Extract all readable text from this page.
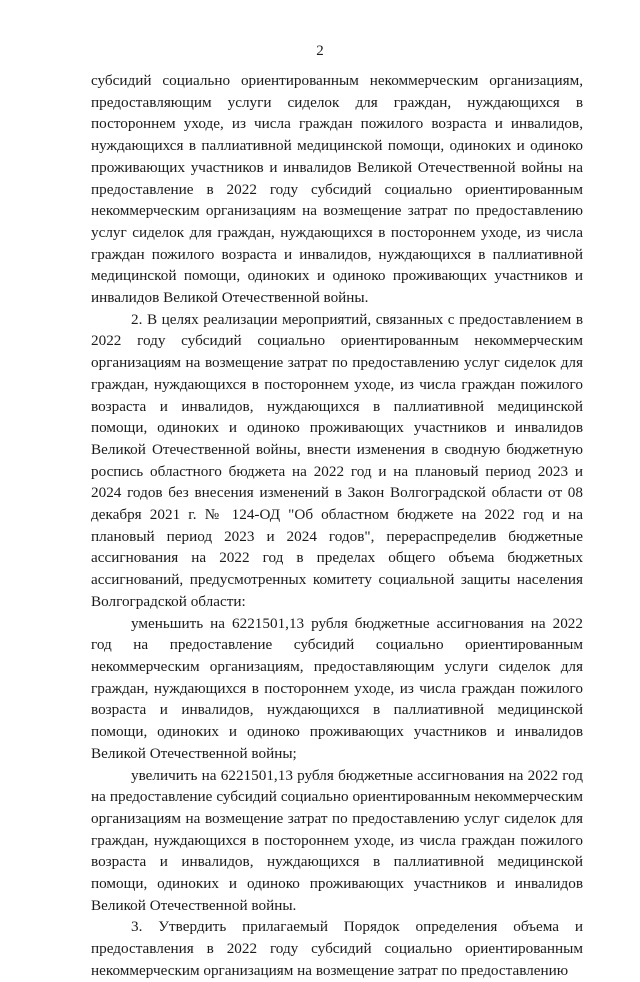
2

субсидий социально ориентированным некоммерческим организациям, предоставляющим услуги сиделок для граждан, нуждающихся в постороннем уходе, из числа граждан пожилого возраста и инвалидов, нуждающихся в паллиативной медицинской помощи, одиноких и одиноко проживающих участников и инвалидов Великой Отечественной войны на предоставление в 2022 году субсидий социально ориентированным некоммерческим организациям на возмещение затрат по предоставлению услуг сиделок для граждан, нуждающихся в постороннем уходе, из числа граждан пожилого возраста и инвалидов, нуждающихся в паллиативной медицинской помощи, одиноких и одиноко проживающих участников и инвалидов Великой Отечественной войны.

2. В целях реализации мероприятий, связанных с предоставлением в 2022 году субсидий социально ориентированным некоммерческим организациям на возмещение затрат по предоставлению услуг сиделок для граждан, нуждающихся в постороннем уходе, из числа граждан пожилого возраста и инвалидов, нуждающихся в паллиативной медицинской помощи, одиноких и одиноко проживающих участников и инвалидов Великой Отечественной войны, внести изменения в сводную бюджетную роспись областного бюджета на 2022 год и на плановый период 2023 и 2024 годов без внесения изменений в Закон Волгоградской области от 08 декабря 2021 г. № 124-ОД "Об областном бюджете на 2022 год и на плановый период 2023 и 2024 годов", перераспределив бюджетные ассигнования на 2022 год в пределах общего объема бюджетных ассигнований, предусмотренных комитету социальной защиты населения Волгоградской области:

уменьшить на 6221501,13 рубля бюджетные ассигнования на 2022 год на предоставление субсидий социально ориентированным некоммерческим организациям, предоставляющим услуги сиделок для граждан, нуждающихся в постороннем уходе, из числа граждан пожилого возраста и инвалидов, нуждающихся в паллиативной медицинской помощи, одиноких и одиноко проживающих участников и инвалидов Великой Отечественной войны;

увеличить на 6221501,13 рубля бюджетные ассигнования на 2022 год на предоставление субсидий социально ориентированным некоммерческим организациям на возмещение затрат по предоставлению услуг сиделок для граждан, нуждающихся в постороннем уходе, из числа граждан пожилого возраста и инвалидов, нуждающихся в паллиативной медицинской помощи, одиноких и одиноко проживающих участников и инвалидов Великой Отечественной войны.

3. Утвердить прилагаемый Порядок определения объема и предоставления в 2022 году субсидий социально ориентированным некоммерческим организациям на возмещение затрат по предоставлению
